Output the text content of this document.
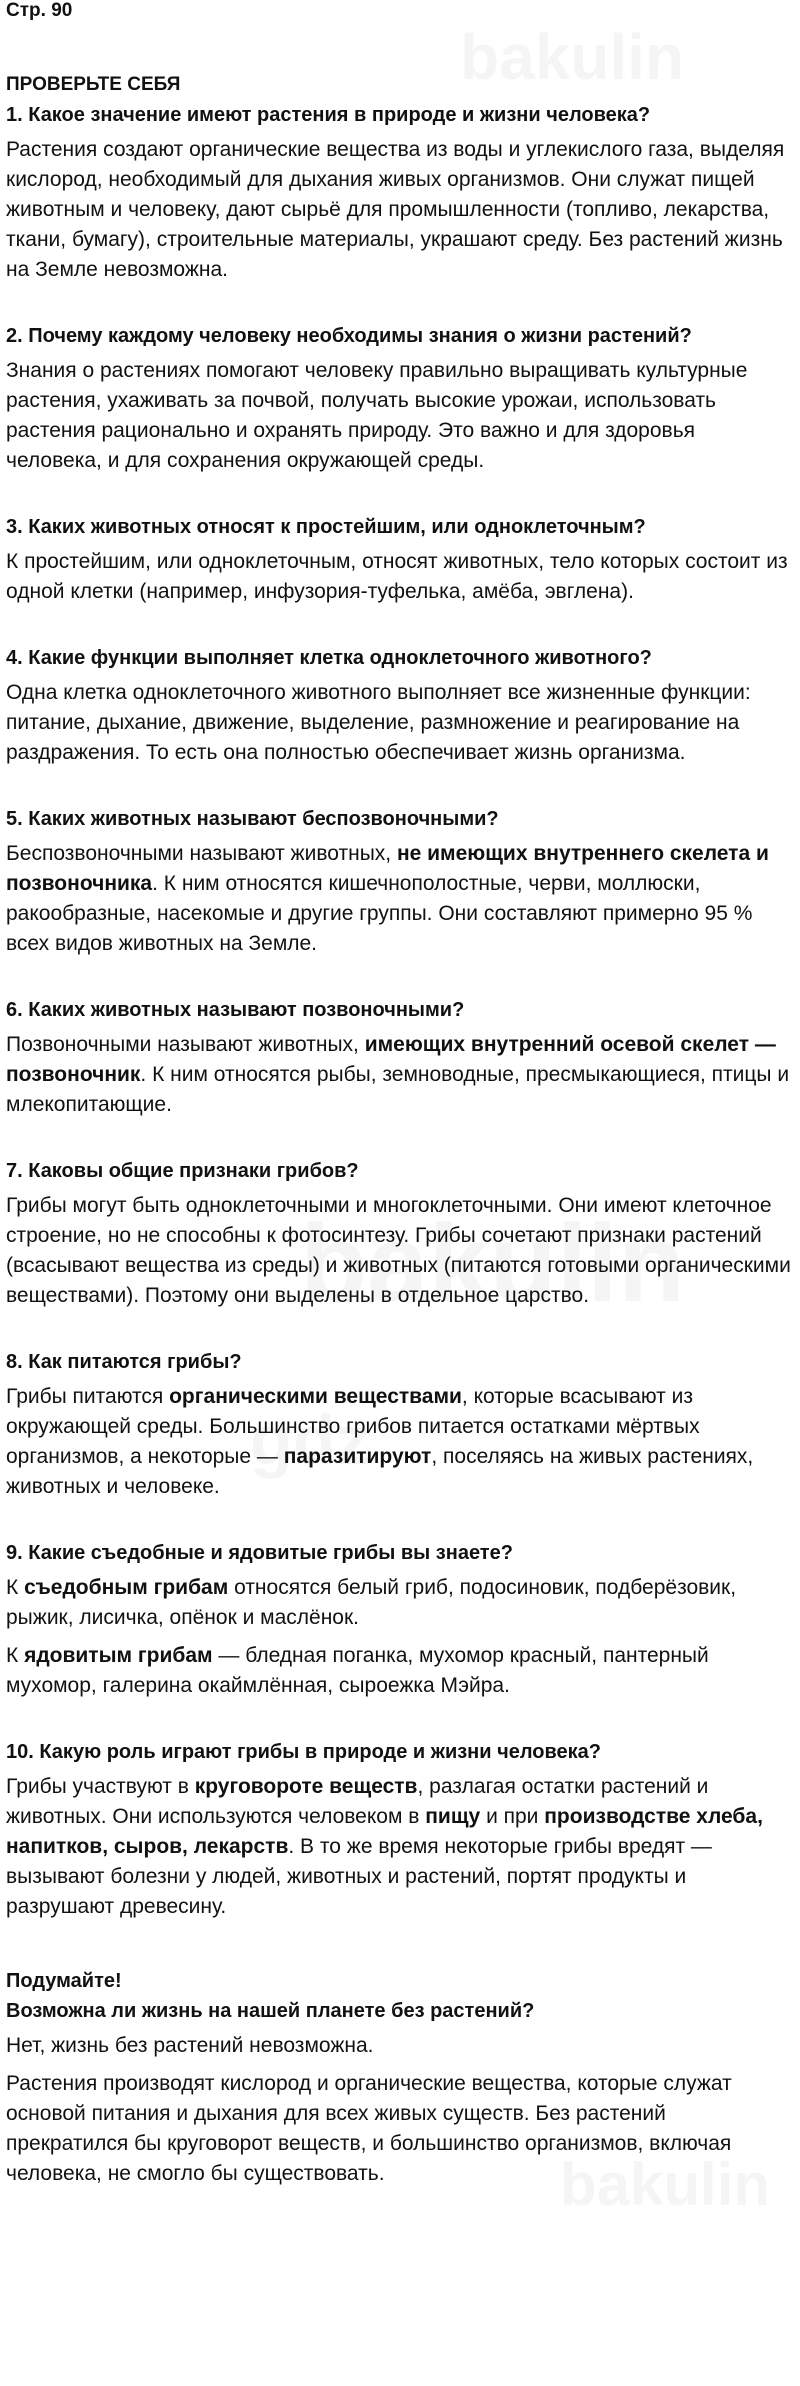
Стр. 90
ПРОВЕРЬТЕ СЕБЯ

1. Какое значение имеют растения в природе и жизни человека?

Растения создают органические вещества из воды и углекислого газа, выделяя кислород, необходимый для дыхания живых организмов. Они служат пищей животным и человеку, дают сырьё для промышленности (топливо, лекарства, ткани, бумагу), строительные материалы, украшают среду. Без растений жизнь на Земле невозможна.

2. Почему каждому человеку необходимы знания о жизни растений?

Знания о растениях помогают человеку правильно выращивать культурные растения, ухаживать за почвой, получать высокие урожаи, использовать растения рационально и охранять природу. Это важно и для здоровья человека, и для сохранения окружающей среды.

3. Каких животных относят к простейшим, или одноклеточным?

К простейшим, или одноклеточным, относят животных, тело которых состоит из одной клетки (например, инфузория-туфелька, амёба, эвглена).

4. Какие функции выполняет клетка одноклеточного животного?

Одна клетка одноклеточного животного выполняет все жизненные функции: питание, дыхание, движение, выделение, размножение и реагирование на раздражения. То есть она полностью обеспечивает жизнь организма.

5. Каких животных называют беспозвоночными?

Беспозвоночными называют животных, не имеющих внутреннего скелета и позвоночника. К ним относятся кишечнополостные, черви, моллюски, ракообразные, насекомые и другие группы. Они составляют примерно 95 % всех видов животных на Земле.

6. Каких животных называют позвоночными?

Позвоночными называют животных, имеющих внутренний осевой скелет — позвоночник. К ним относятся рыбы, земноводные, пресмыкающиеся, птицы и млекопитающие.

7. Каковы общие признаки грибов?

Грибы могут быть одноклеточными и многоклеточными. Они имеют клеточное строение, но не способны к фотосинтезу. Грибы сочетают признаки растений (всасывают вещества из среды) и животных (питаются готовыми органическими веществами). Поэтому они выделены в отдельное царство.

8. Как питаются грибы?

Грибы питаются органическими веществами, которые всасывают из окружающей среды. Большинство грибов питается остатками мёртвых организмов, а некоторые — паразитируют, поселяясь на живых растениях, животных и человеке.

9. Какие съедобные и ядовитые грибы вы знаете?

К съедобным грибам относятся белый гриб, подосиновик, подберёзовик, рыжик, лисичка, опёнок и маслёнок.

К ядовитым грибам — бледная поганка, мухомор красный, пантерный мухомор, галерина окаймлённая, сыроежка Мэйра.

10. Какую роль играют грибы в природе и жизни человека?

Грибы участвуют в круговороте веществ, разлагая остатки растений и животных. Они используются человеком в пищу и при производстве хлеба, напитков, сыров, лекарств. В то же время некоторые грибы вредят — вызывают болезни у людей, животных и растений, портят продукты и разрушают древесину.

Подумайте!

Возможна ли жизнь на нашей планете без растений?

Нет, жизнь без растений невозможна.

Растения производят кислород и органические вещества, которые служат основой питания и дыхания для всех живых существ. Без растений прекратился бы круговорот веществ, и большинство организмов, включая человека, не смогло бы существовать.
